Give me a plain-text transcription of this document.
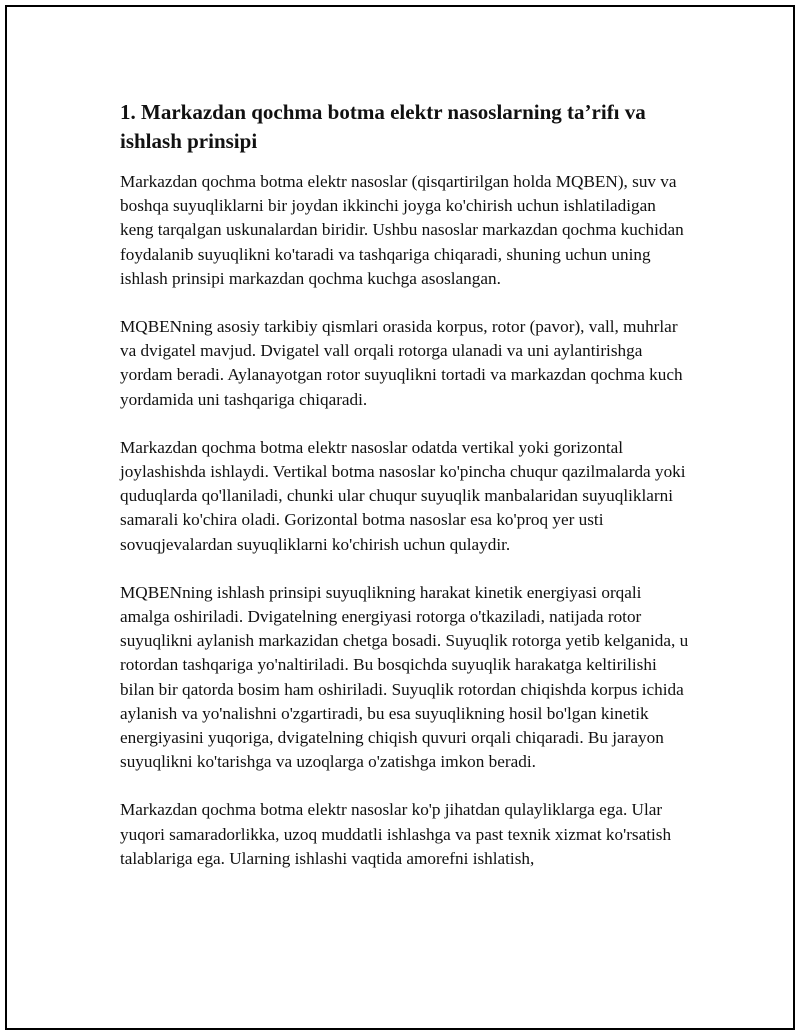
1. Markazdan qochma botma elektr nasoslarning ta’rifı va ishlash prinsipi

Markazdan qochma botma elektr nasoslar (qisqartirilgan holda MQBEN), suv va boshqa suyuqliklarni bir joydan ikkinchi joyga ko'chirish uchun ishlatiladigan keng tarqalgan uskunalardan biridir. Ushbu nasoslar markazdan qochma kuchidan foydalanib suyuqlikni ko'taradi va tashqariga chiqaradi, shuning uchun uning ishlash prinsipi markazdan qochma kuchga asoslangan.

MQBENning asosiy tarkibiy qismlari orasida korpus, rotor (pavor), vall, muhrlar va dvigatel mavjud. Dvigatel vall orqali rotorga ulanadi va uni aylantirishga yordam beradi. Aylanayotgan rotor suyuqlikni tortadi va markazdan qochma kuch yordamida uni tashqariga chiqaradi.

Markazdan qochma botma elektr nasoslar odatda vertikal yoki gorizontal joylashishda ishlaydi. Vertikal botma nasoslar ko'pincha chuqur qazilmalarda yoki quduqlarda qo'llaniladi, chunki ular chuqur suyuqlik manbalaridan suyuqliklarni samarali ko'chira oladi. Gorizontal botma nasoslar esa ko'proq yer usti sovuqjevalardan suyuqliklarni ko'chirish uchun qulaydir.

MQBENning ishlash prinsipi suyuqlikning harakat kinetik energiyasi orqali amalga oshiriladi. Dvigatelning energiyasi rotorga o'tkaziladi, natijada rotor suyuqlikni aylanish markazidan chetga bosadi. Suyuqlik rotorga yetib kelganida, u rotordan tashqariga yo'naltiriladi. Bu bosqichda suyuqlik harakatga keltirilishi bilan bir qatorda bosim ham oshiriladi. Suyuqlik rotordan chiqishda korpus ichida aylanish va yo'nalishni o'zgartiradi, bu esa suyuqlikning hosil bo'lgan kinetik energiyasini yuqoriga, dvigatelning chiqish quvuri orqali chiqaradi. Bu jarayon suyuqlikni ko'tarishga va uzoqlarga o'zatishga imkon beradi.

Markazdan qochma botma elektr nasoslar ko'p jihatdan qulayliklarga ega. Ular yuqori samaradorlikka, uzoq muddatli ishlashga va past texnik xizmat ko'rsatish talablariga ega. Ularning ishlashi vaqtida amorefni ishlatish,
